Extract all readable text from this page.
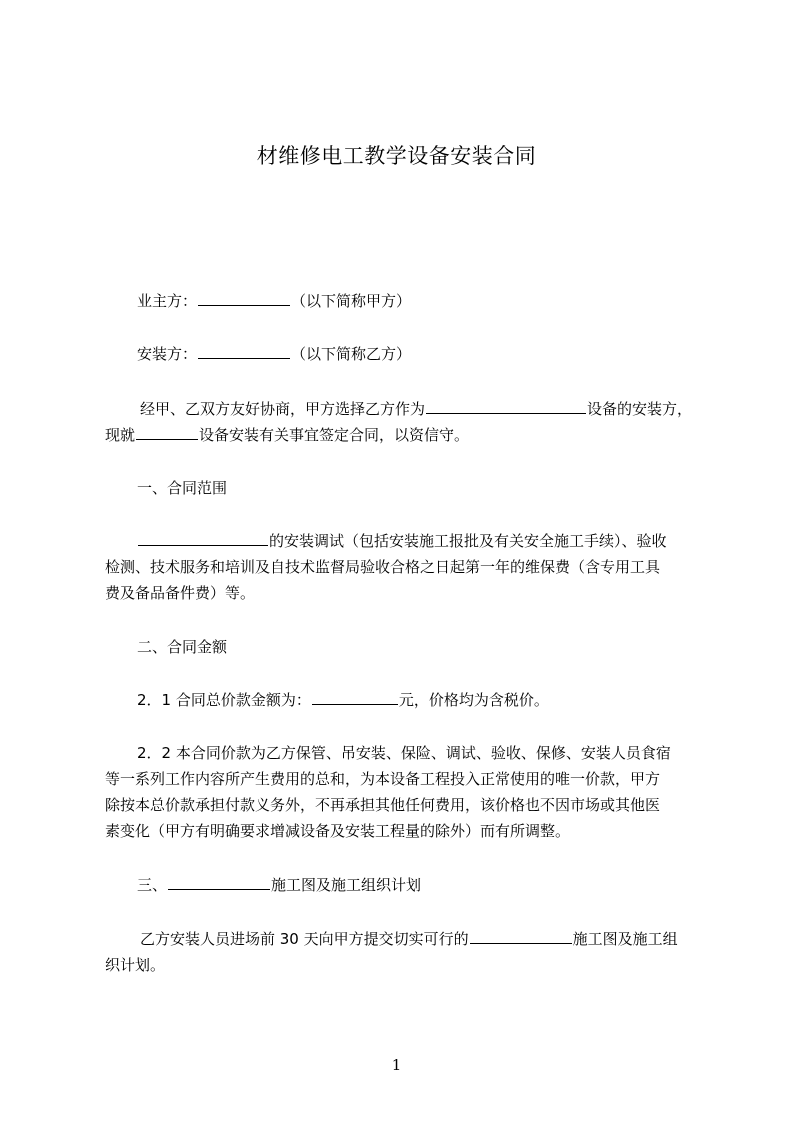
材维修电工教学设备安装合同
业主方：	（以下简称甲方）
安装方：	（以下简称乙方）
经甲、乙双方友好协商，甲方选择乙方作为	设备的安装方，
现就	设备安装有关事宜签定合同，以资信守。
一、合同范围
的安装调试（包括安装施工报批及有关安全施工手续）、验收
检测、技术服务和培训及自技术监督局验收合格之日起第一年的维保费（含专用工具
费及备品备件费）等。
二、合同金额
2．1 合同总价款金额为：	元，价格均为含税价。
2．2 本合同价款为乙方保管、吊安装、保险、调试、验收、保修、安装人员食宿
等一系列工作内容所产生费用的总和，为本设备工程投入正常使用的唯一价款，甲方
除按本总价款承担付款义务外，不再承担其他任何费用，该价格也不因市场或其他医
素变化（甲方有明确要求增减设备及安装工程量的除外）而有所调整。
三、	施工图及施工组织计划
乙方安装人员进场前 30 天向甲方提交切实可行的	施工图及施工组
织计划。
1
